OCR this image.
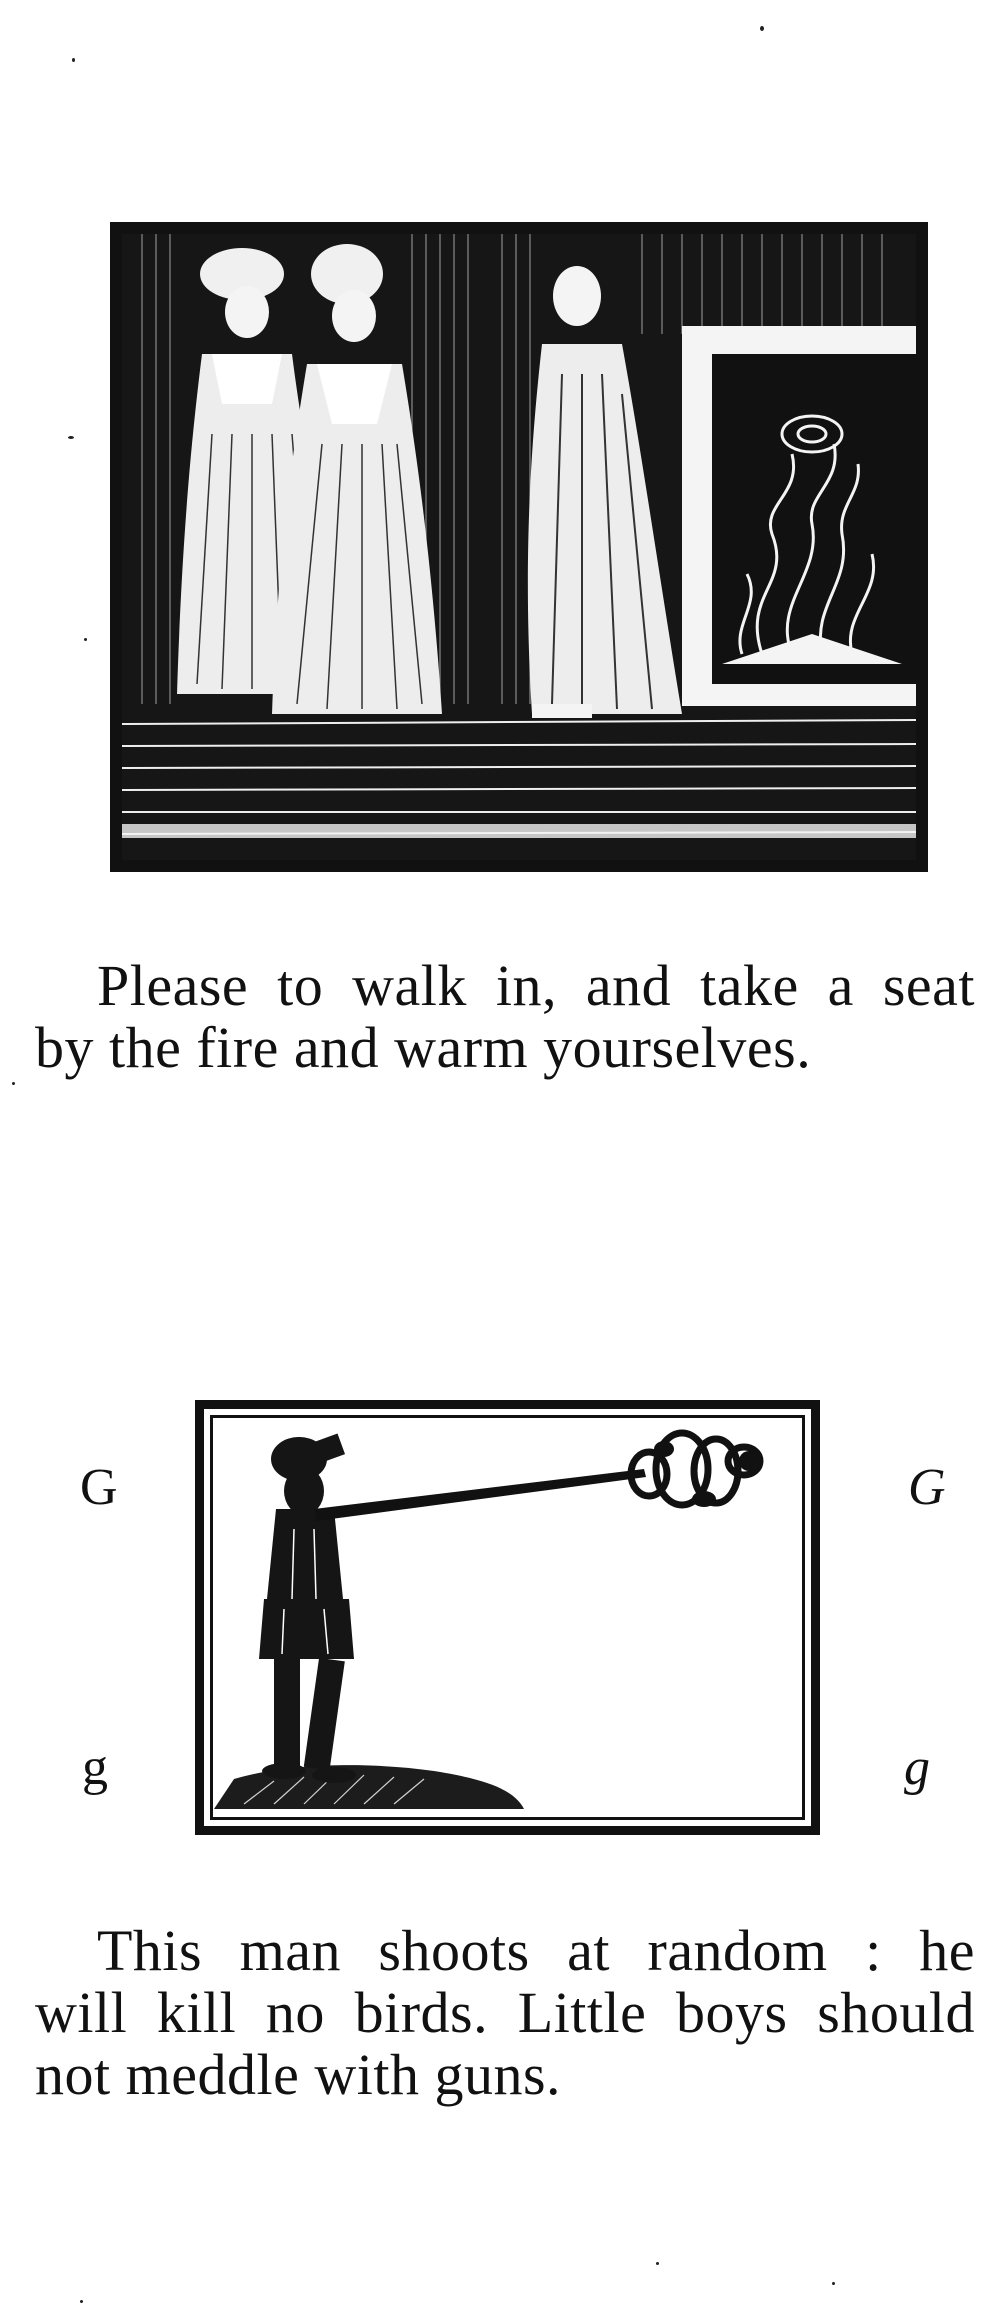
Please to walk in, and take a seat
by the fire and warm yourselves.
G	G
g	g
This man shoots at random : he
will kill no birds. Little boys should
not meddle with guns.
